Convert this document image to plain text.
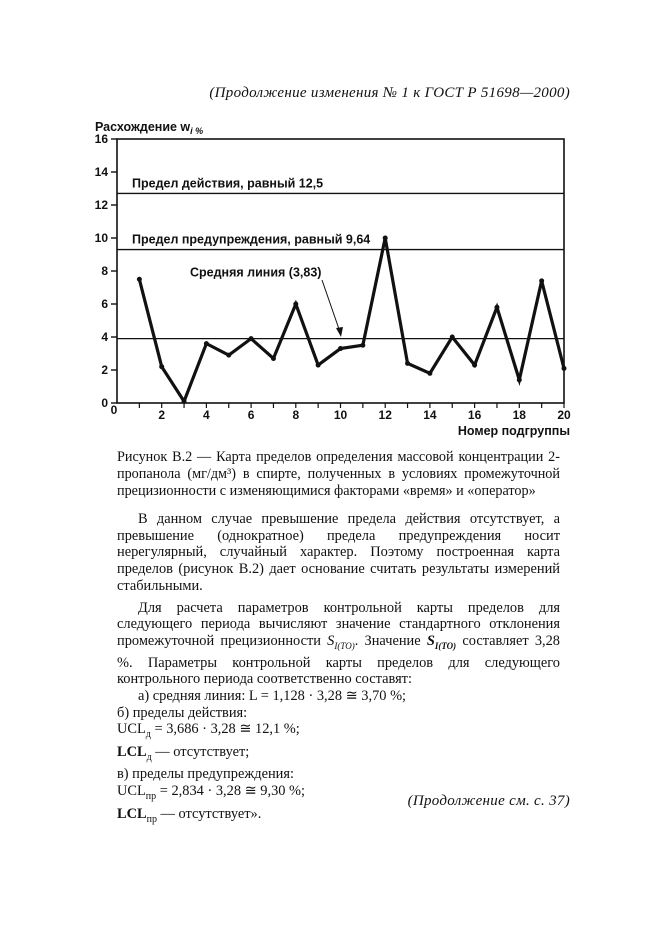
(Продолжение изменения № 1 к ГОСТ Р 51698—2000)
Расхождение $w_{i \%}$
0
2
4
6
8
10
12
14
16
0	2	4	6	8	10	12	14	16	18	20
Предел действия, равный 12,5
Предел предупреждения, равный 9,64
Средняя линия (3,83)
Номер подгруппы
Рисунок В.2 — Карта пределов определения массовой концентрации 2-пропанола (мг/дм³) в спирте, полученных в условиях промежуточной прецизионности с изменяющимися факторами «время» и «оператор»

В данном случае превышение предела действия отсутствует, а превышение (однократное) предела предупреждения носит нерегулярный, случайный характер. Поэтому построенная карта пределов (рисунок В.2) дает основание считать результаты измерений стабильными.

Для расчета параметров контрольной карты пределов для следующего периода вычисляют значение стандартного отклонения промежуточной прецизионности $S_{I(TO)}$. Значение $S_{I(TO)}$ составляет 3,28 %. Параметры контрольной карты пределов для следующего контрольного периода соответственно составят:

а) средняя линия: L = 1,128 · 3,28 ≅ 3,70 %;

б) пределы действия:

$UCL_д = 3,686 \cdot 3,28$ ≅ 12,1 %;

$LCL_д$ — отсутствует;

в) пределы предупреждения:

$UCL_{пр} = 2,834 \cdot 3,28$ ≅ 9,30 %;

$LCL_{пр}$ — отсутствует».

(Продолжение см. с. 37)
